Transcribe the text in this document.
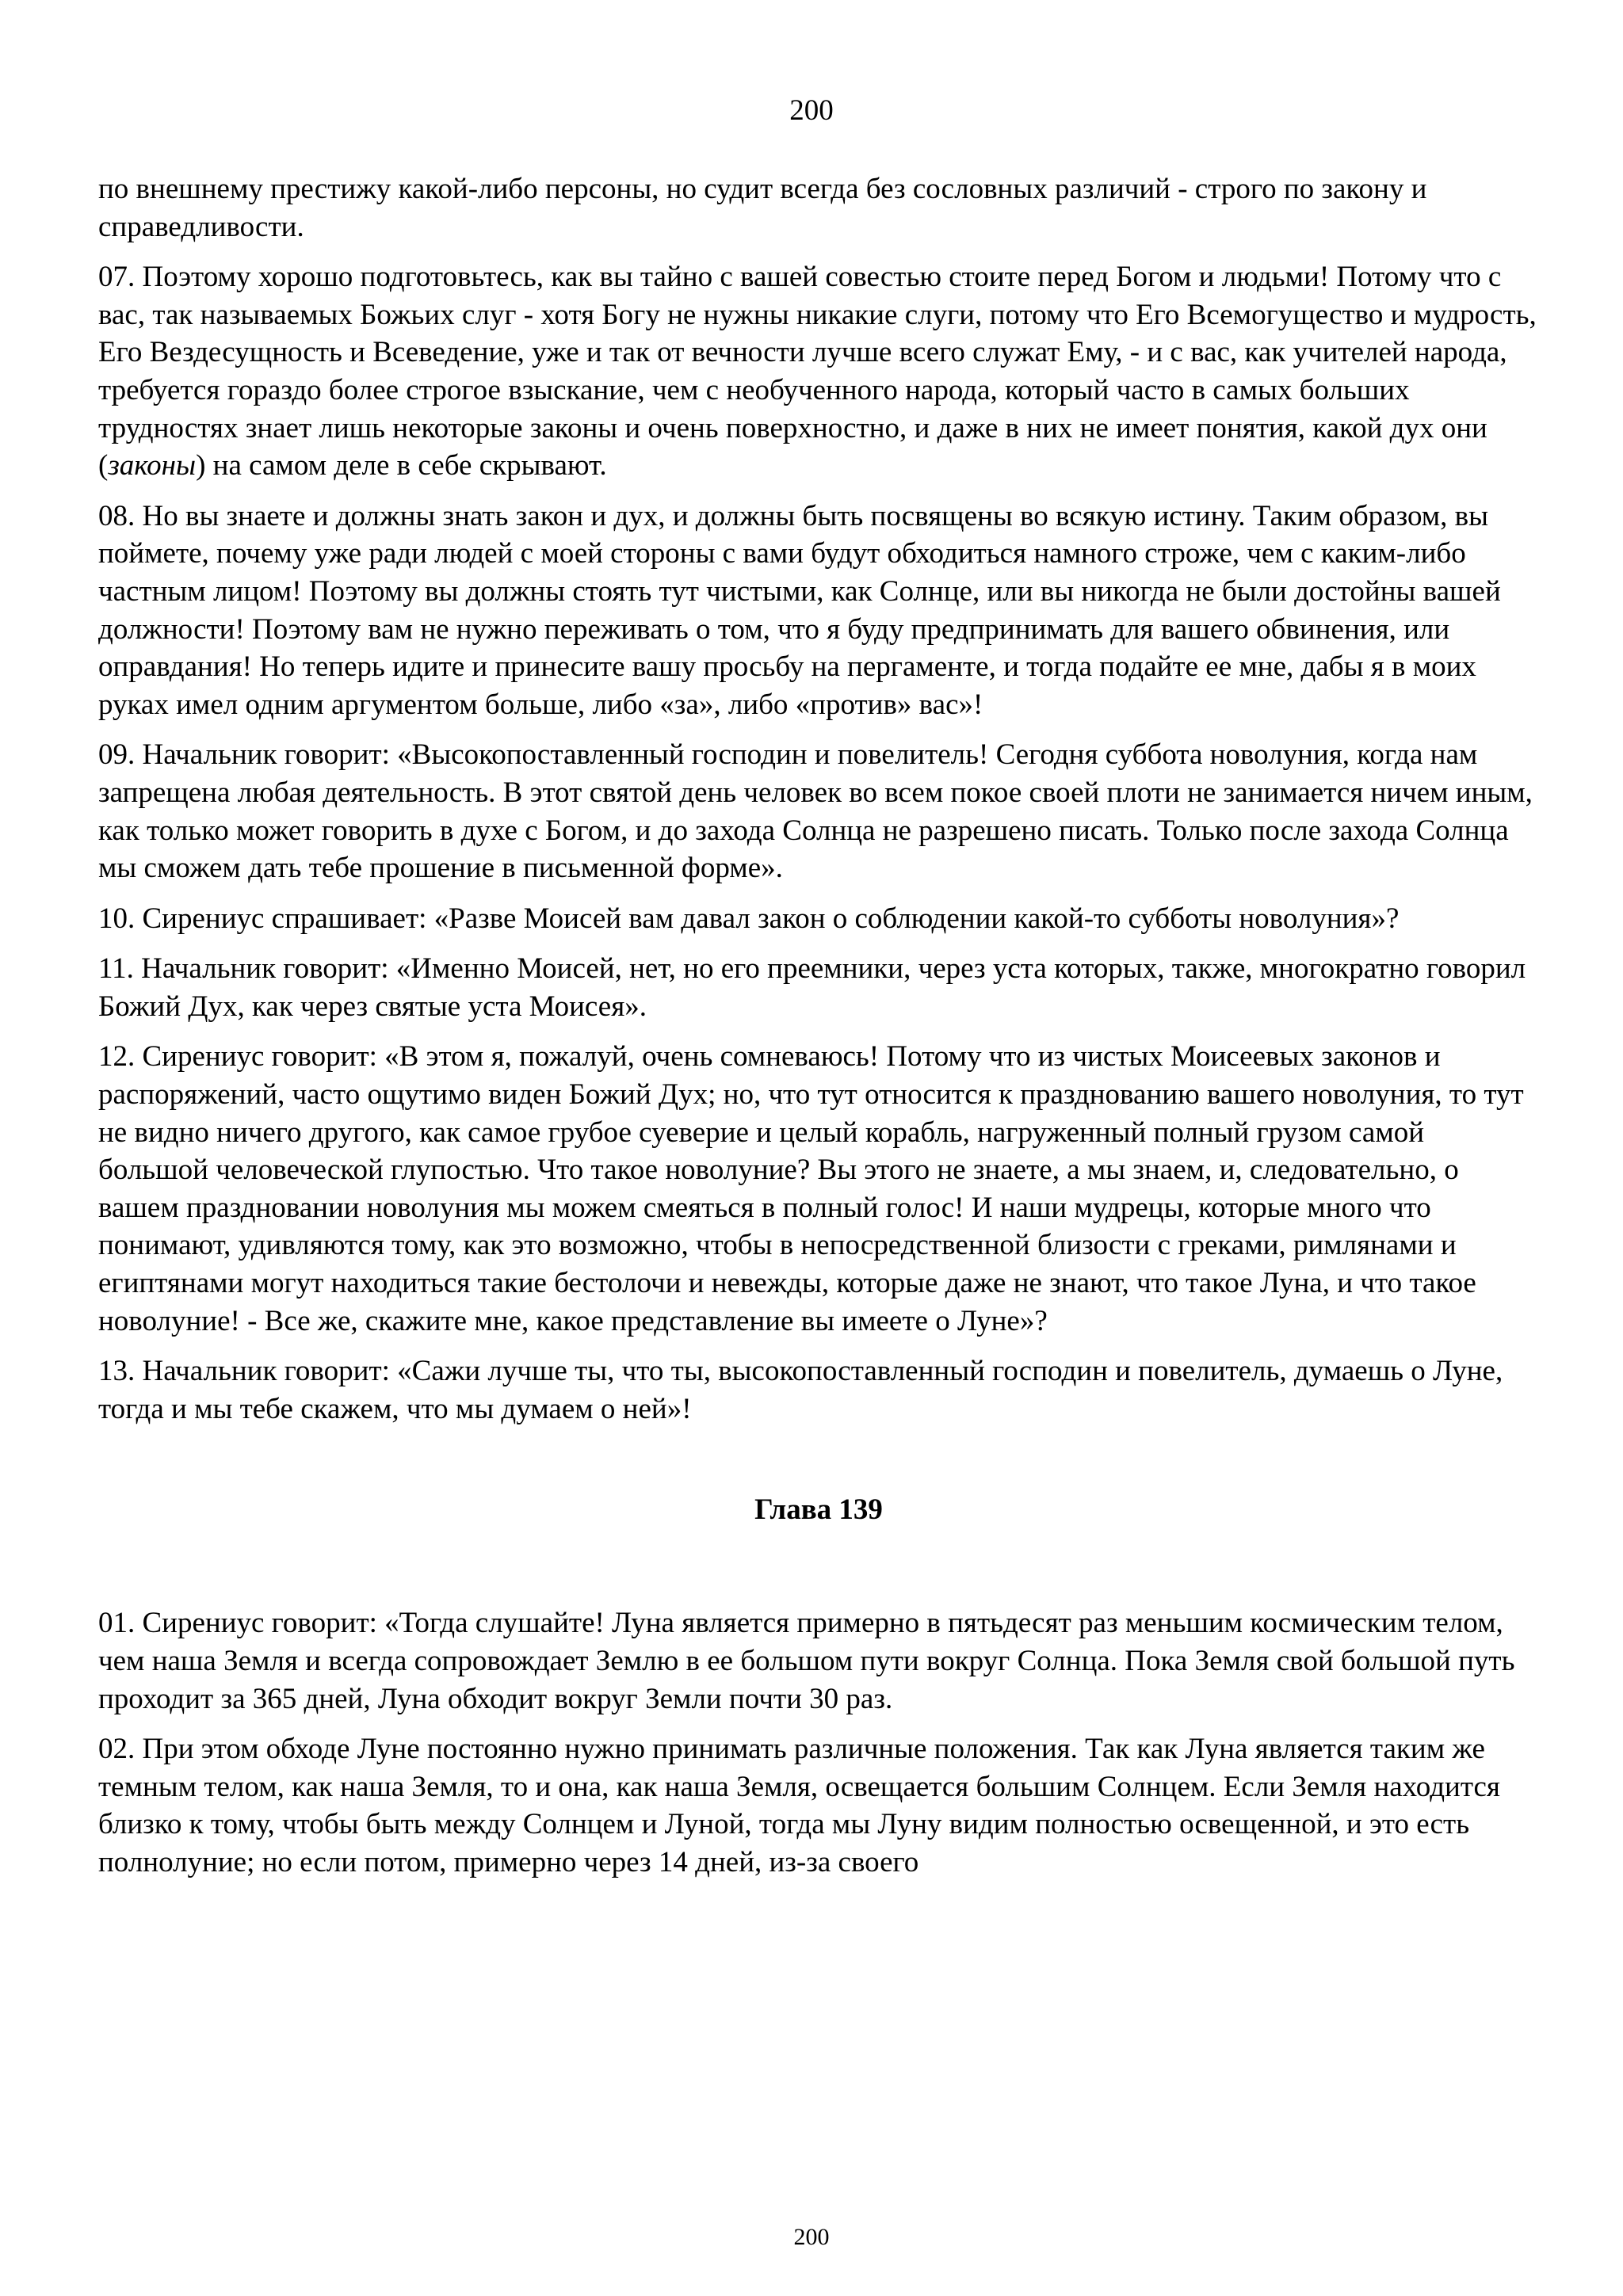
200

по внешнему престижу какой-либо персоны, но судит всегда без сословных различий - строго по закону и справедливости.

07. Поэтому хорошо подготовьтесь, как вы тайно с вашей совестью стоите перед Богом и людьми! Потому что с вас, так называемых Божьих слуг - хотя Богу не нужны никакие слуги, потому что Его Всемогущество и мудрость, Его Вездесущность и Всеведение, уже и так от вечности лучше всего служат Ему, - и с вас, как учителей народа, требуется гораздо более строгое взыскание, чем с необученного народа, который часто в самых больших трудностях знает лишь некоторые законы и очень поверхностно, и даже в них не имеет понятия, какой дух они (законы) на самом деле в себе скрывают.

08. Но вы знаете и должны знать закон и дух, и должны быть посвящены во всякую истину. Таким образом, вы поймете, почему уже ради людей с моей стороны с вами будут обходиться намного строже, чем с каким-либо частным лицом! Поэтому вы должны стоять тут чистыми, как Солнце, или вы никогда не были достойны вашей должности! Поэтому вам не нужно переживать о том, что я буду предпринимать для вашего обвинения, или оправдания! Но теперь идите и принесите вашу просьбу на пергаменте, и тогда подайте ее мне, дабы я в моих руках имел одним аргументом больше, либо «за», либо «против» вас»!

09. Начальник говорит: «Высокопоставленный господин и повелитель! Сегодня суббота новолуния, когда нам запрещена любая деятельность. В этот святой день человек во всем покое своей плоти не занимается ничем иным, как только может говорить в духе с Богом, и до захода Солнца не разрешено писать. Только после захода Солнца мы сможем дать тебе прошение в письменной форме».

10. Сирениус спрашивает: «Разве Моисей вам давал закон о соблюдении какой-то субботы новолуния»?

11. Начальник говорит: «Именно Моисей, нет, но его преемники, через уста которых, также, многократно говорил Божий Дух, как через святые уста Моисея».

12. Сирениус говорит: «В этом я, пожалуй, очень сомневаюсь! Потому что из чистых Моисеевых законов и распоряжений, часто ощутимо виден Божий Дух; но, что тут относится к празднованию вашего новолуния, то тут не видно ничего другого, как самое грубое суеверие и целый корабль, нагруженный полный грузом самой большой человеческой глупостью. Что такое новолуние? Вы этого не знаете, а мы знаем, и, следовательно, о вашем праздновании новолуния мы можем смеяться в полный голос! И наши мудрецы, которые много что понимают, удивляются тому, как это возможно, чтобы в непосредственной близости с греками, римлянами и египтянами могут находиться такие бестолочи и невежды, которые даже не знают, что такое Луна, и что такое новолуние! - Все же, скажите мне, какое представление вы имеете о Луне»?

13. Начальник говорит: «Сажи лучше ты, что ты, высокопоставленный господин и повелитель, думаешь о Луне, тогда и мы тебе скажем, что мы думаем о ней»!

Глава 139

01. Сирениус говорит: «Тогда слушайте! Луна является примерно в пятьдесят раз меньшим космическим телом, чем наша Земля и всегда сопровождает Землю в ее большом пути вокруг Солнца. Пока Земля свой большой путь проходит за 365 дней, Луна обходит вокруг Земли почти 30 раз.

02. При этом обходе Луне постоянно нужно принимать различные положения. Так как Луна является таким же темным телом, как наша Земля, то и она, как наша Земля, освещается большим Солнцем. Если Земля находится близко к тому, чтобы быть между Солнцем и Луной, тогда мы Луну видим полностью освещенной, и это есть полнолуние; но если потом, примерно через 14 дней, из-за своего

200
